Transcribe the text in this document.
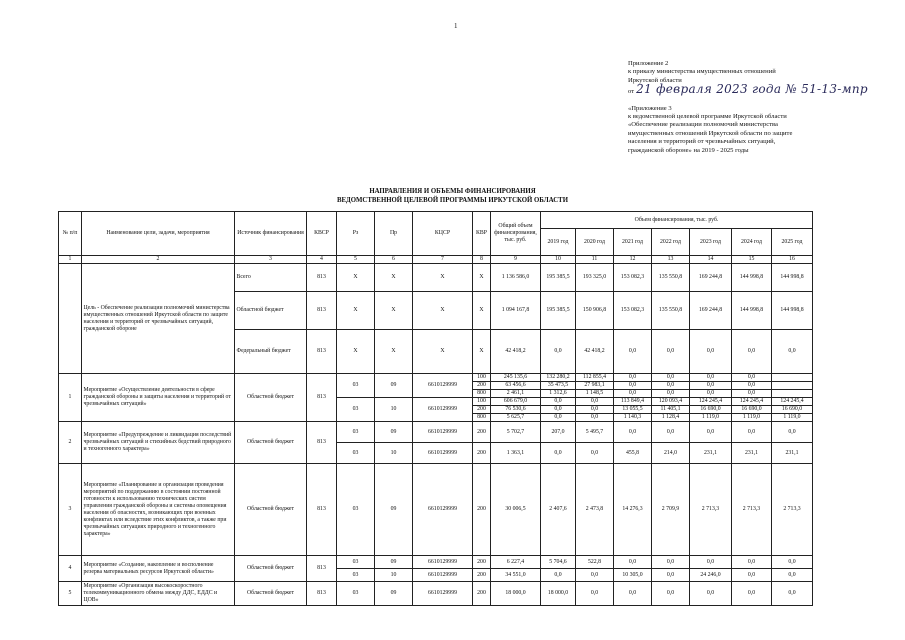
1
Приложение 2
к приказу министерства имущественных отношений
Иркутской области
от 21 февраля 2023 года № 51-13-мпр
«Приложение 3
к ведомственной целевой программе Иркутской области
«Обеспечение реализации полномочий министерства
имущественных отношений Иркутской области по защите
населения и территорий от чрезвычайных ситуаций,
гражданской обороне» на 2019 - 2025 годы
НАПРАВЛЕНИЯ И ОБЪЕМЫ ФИНАНСИРОВАНИЯ
ВЕДОМСТВЕННОЙ ЦЕЛЕВОЙ ПРОГРАММЫ ИРКУТСКОЙ ОБЛАСТИ
№ п/п	Наименование цели, задачи, мероприятия	Источник финансирования	КВСР	Рз	Пр	КЦСР	КВР	Общий объем финансирования, тыс. руб.	Объем финансирования, тыс. руб.						
									2019 год	2020 год	2021 год	2022 год	2023 год	2024 год	2025 год
1	2	3	4	5	6	7	8	9	10	11	12	13	14	15	16
	Цель - Обеспечение реализации полномочий министерства имущественных отношений Иркутской области по защите населения и территорий от чрезвычайных ситуаций, гражданской обороне	Всего	813	Х	Х	Х	Х	1 136 586,0	195 385,5	193 325,0	153 082,3	135 550,8	169 244,8	144 998,8	144 998,8
		Областной бюджет	813	Х	Х	Х	Х	1 094 167,8	195 385,5	150 906,8	153 082,3	135 550,8	169 244,8	144 998,8	144 998,8
		Федеральный бюджет	813	Х	Х	Х	Х	42 418,2	0,0	42 418,2	0,0	0,0	0,0	0,0	0,0
1	Мероприятие «Осуществление деятельности в сфере гражданской обороны и защиты населения и территорий от чрезвычайных ситуаций»	Областной бюджет	813	03	09	6610129999	100	245 135,6	132 280,2	112 855,4	0,0	0,0	0,0	0,0	
							200	63 456,6	35 473,5	27 983,1	0,0	0,0	0,0	0,0	
							800	2 461,1	1 312,6	1 148,5	0,0	0,0	0,0	0,0	
				03	10	6610129999	100	606 679,0	0,0	0,0	113 849,4	120 093,4	124 245,4	124 245,4	124 245,4
							200	76 530,6	0,0	0,0	13 055,5	11 405,1	16 690,0	16 690,0	16 690,0
							800	5 625,7	0,0	0,0	1 140,3	1 128,4	1 119,0	1 119,0	1 119,0
2	Мероприятие «Предупреждение и ликвидация последствий чрезвычайных ситуаций и стихийных бедствий природного и техногенного характера»	Областной бюджет	813	03	09	6610129999	200	5 702,7	207,0	5 495,7	0,0	0,0	0,0	0,0	0,0
				03	10	6610129999	200	1 363,1	0,0	0,0	455,8	214,0	231,1	231,1	231,1
3	Мероприятие «Планирование и организация проведения мероприятий по поддержанию в состоянии постоянной готовности к использованию технических систем управления гражданской обороны и системы оповещения населения об опасностях, возникающих при военных конфликтах или вследствие этих конфликтов, а также при чрезвычайных ситуациях природного и техногенного характера»	Областной бюджет	813	03	09	6610129999	200	30 006,5	2 407,6	2 473,8	14 276,3	2 709,9	2 713,3	2 713,3	2 713,3
4	Мероприятие «Создание, накопление и восполнение резерва материальных ресурсов Иркутской области»	Областной бюджет	813	03	09	6610129999	200	6 227,4	5 704,6	522,8	0,0	0,0	0,0	0,0	0,0
				03	10	6610129999	200	34 551,0	0,0	0,0	10 305,0	0,0	24 246,0	0,0	0,0
5	Мероприятие «Организация высокоскоростного телекоммуникационного обмена между ДДС, ЕДДС и ЦОВ»	Областной бюджет	813	03	09	6610129999	200	18 000,0	18 000,0	0,0	0,0	0,0	0,0	0,0	0,0
